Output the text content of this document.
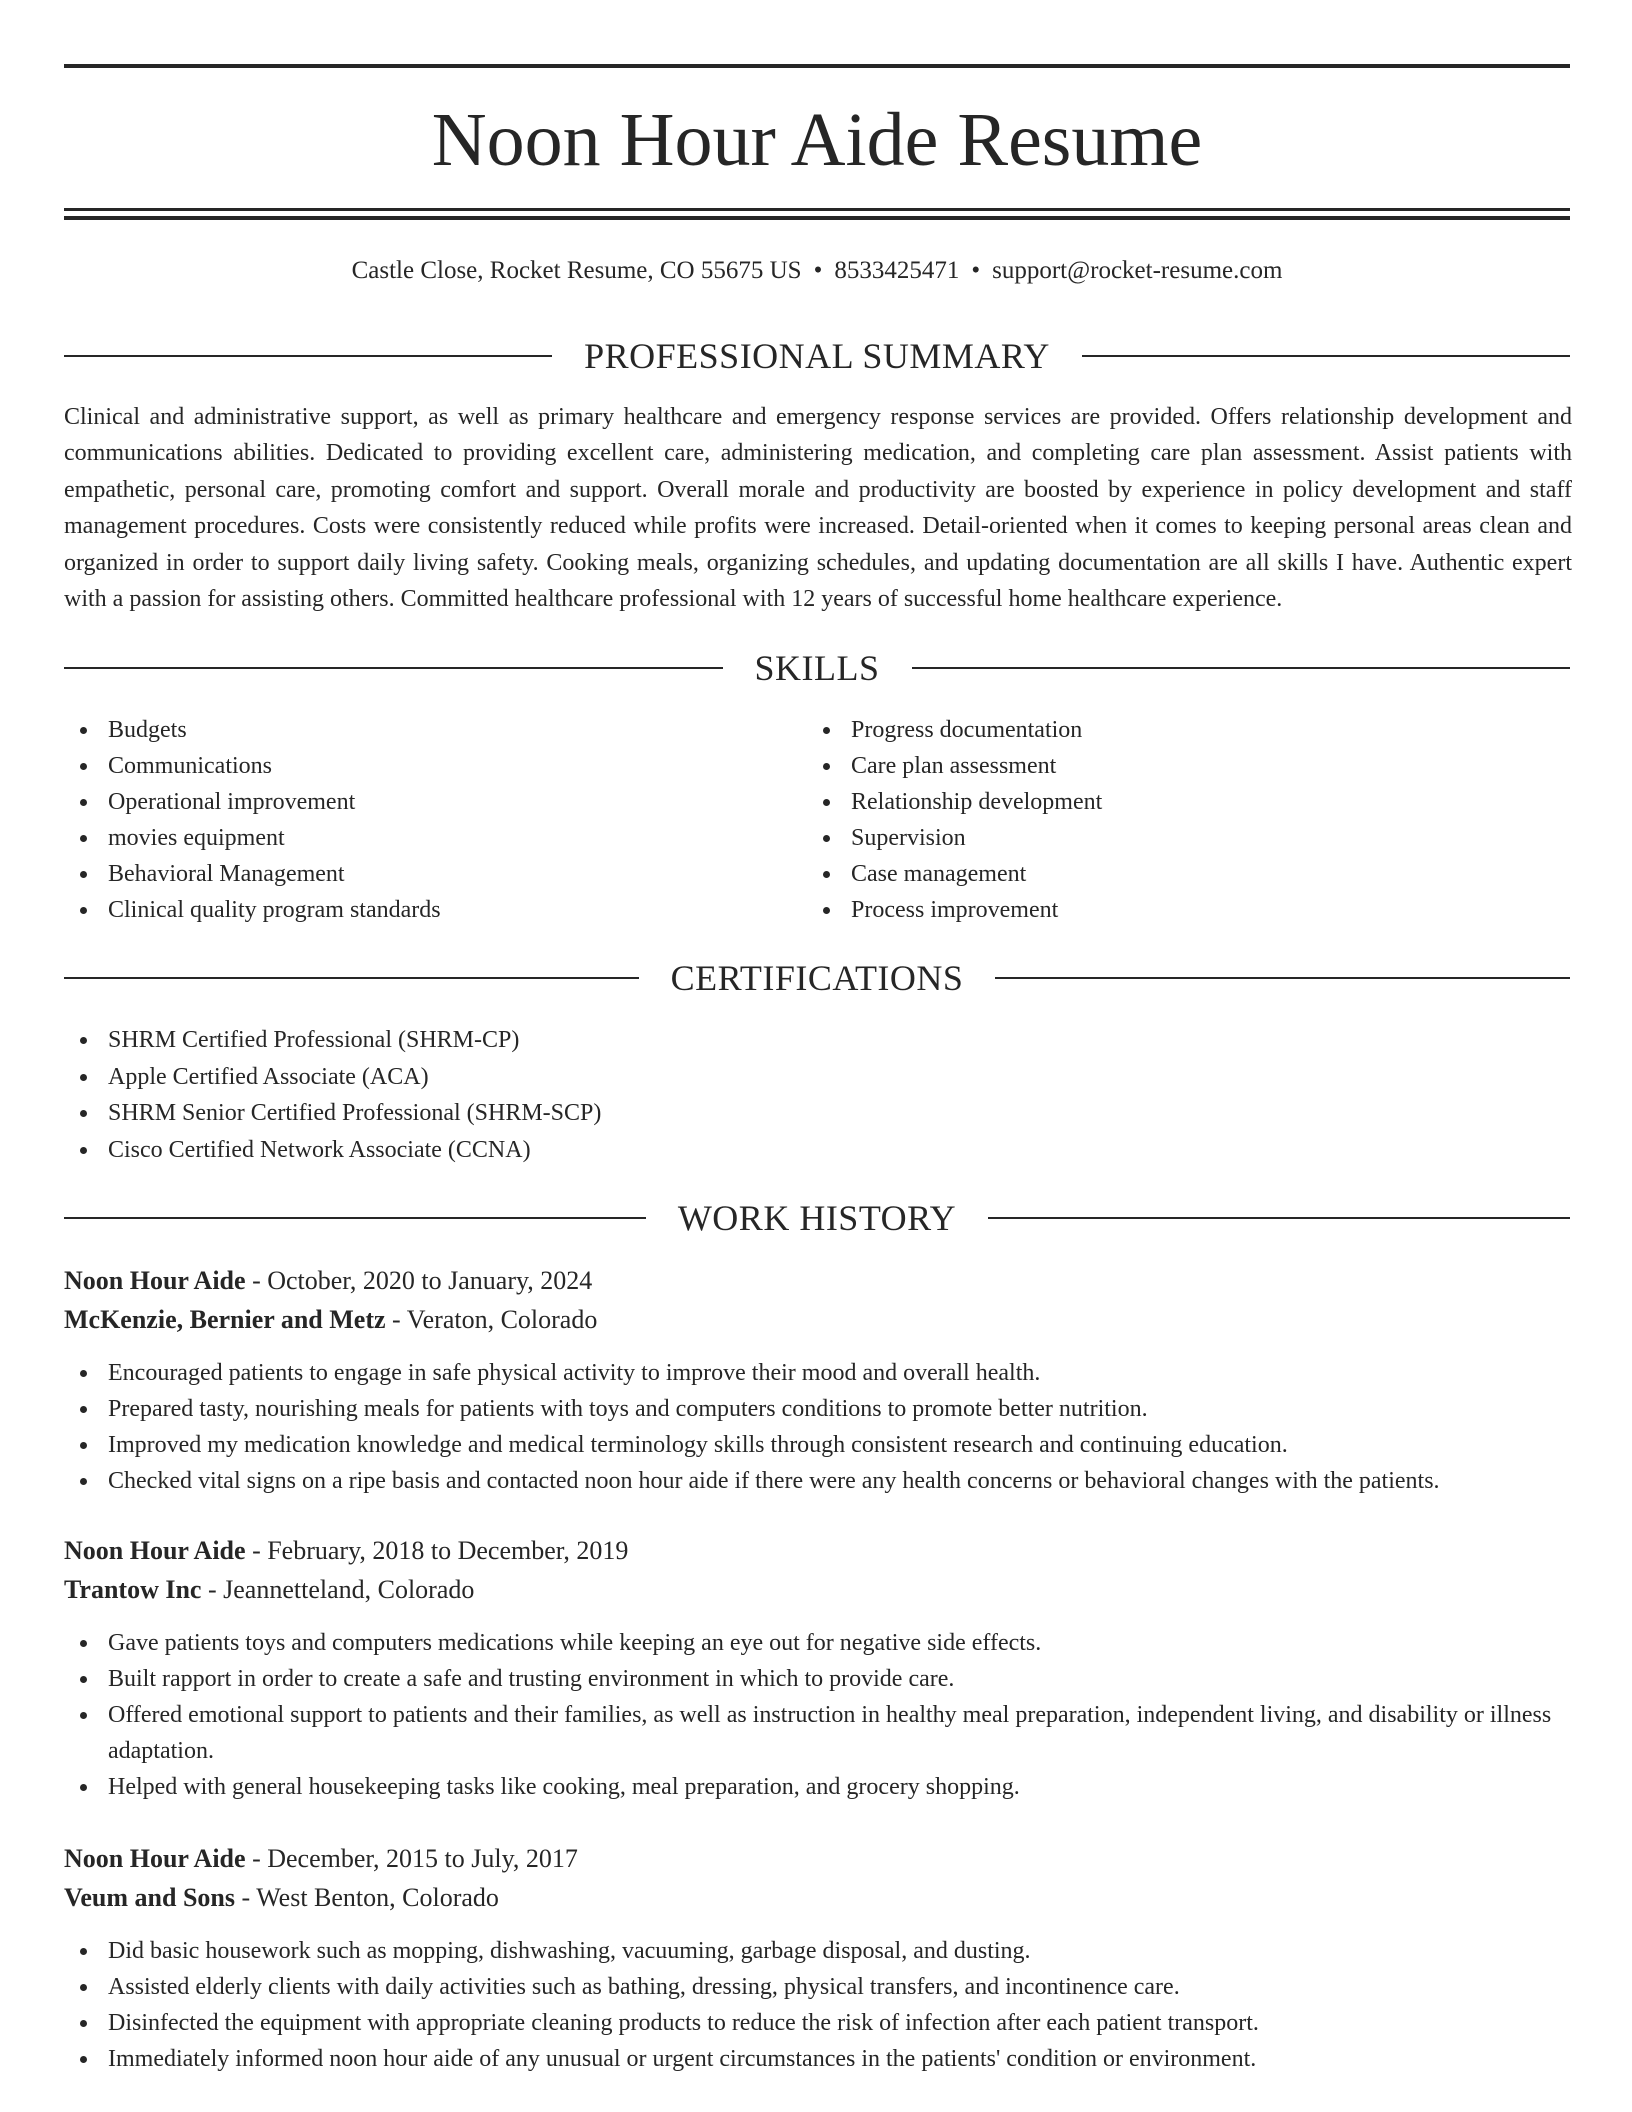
Noon Hour Aide Resume
Castle Close, Rocket Resume, CO 55675 US • 8533425471 • support@rocket-resume.com
PROFESSIONAL SUMMARY
Clinical and administrative support, as well as primary healthcare and emergency response services are provided. Offers relationship development and communications abilities. Dedicated to providing excellent care, administering medication, and completing care plan assessment. Assist patients with empathetic, personal care, promoting comfort and support. Overall morale and productivity are boosted by experience in policy development and staff management procedures. Costs were consistently reduced while profits were increased. Detail-oriented when it comes to keeping personal areas clean and organized in order to support daily living safety. Cooking meals, organizing schedules, and updating documentation are all skills I have. Authentic expert with a passion for assisting others. Committed healthcare professional with 12 years of successful home healthcare experience.
SKILLS
Budgets
Communications
Operational improvement
movies equipment
Behavioral Management
Clinical quality program standards
Progress documentation
Care plan assessment
Relationship development
Supervision
Case management
Process improvement
CERTIFICATIONS
SHRM Certified Professional (SHRM-CP)
Apple Certified Associate (ACA)
SHRM Senior Certified Professional (SHRM-SCP)
Cisco Certified Network Associate (CCNA)
WORK HISTORY
Noon Hour Aide - October, 2020 to January, 2024
McKenzie, Bernier and Metz - Veraton, Colorado
Encouraged patients to engage in safe physical activity to improve their mood and overall health.
Prepared tasty, nourishing meals for patients with toys and computers conditions to promote better nutrition.
Improved my medication knowledge and medical terminology skills through consistent research and continuing education.
Checked vital signs on a ripe basis and contacted noon hour aide if there were any health concerns or behavioral changes with the patients.
Noon Hour Aide - February, 2018 to December, 2019
Trantow Inc - Jeannetteland, Colorado
Gave patients toys and computers medications while keeping an eye out for negative side effects.
Built rapport in order to create a safe and trusting environment in which to provide care.
Offered emotional support to patients and their families, as well as instruction in healthy meal preparation, independent living, and disability or illness adaptation.
Helped with general housekeeping tasks like cooking, meal preparation, and grocery shopping.
Noon Hour Aide - December, 2015 to July, 2017
Veum and Sons - West Benton, Colorado
Did basic housework such as mopping, dishwashing, vacuuming, garbage disposal, and dusting.
Assisted elderly clients with daily activities such as bathing, dressing, physical transfers, and incontinence care.
Disinfected the equipment with appropriate cleaning products to reduce the risk of infection after each patient transport.
Immediately informed noon hour aide of any unusual or urgent circumstances in the patients' condition or environment.
